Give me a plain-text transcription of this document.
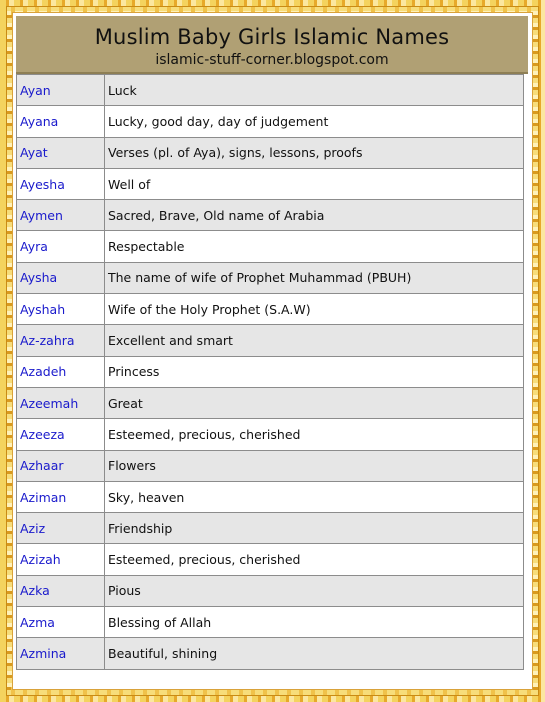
Muslim Baby Girls Islamic Names
islamic-stuff-corner.blogspot.com
Ayan	Luck
Ayana	Lucky, good day, day of judgement
Ayat	Verses (pl. of Aya), signs, lessons, proofs
Ayesha	Well of
Aymen	Sacred, Brave, Old name of Arabia
Ayra	Respectable
Aysha	The name of wife of Prophet Muhammad (PBUH)
Ayshah	Wife of the Holy Prophet (S.A.W)
Az-zahra	Excellent and smart
Azadeh	Princess
Azeemah	Great
Azeeza	Esteemed, precious, cherished
Azhaar	Flowers
Aziman	Sky, heaven
Aziz	Friendship
Azizah	Esteemed, precious, cherished
Azka	Pious
Azma	Blessing of Allah
Azmina	Beautiful, shining
